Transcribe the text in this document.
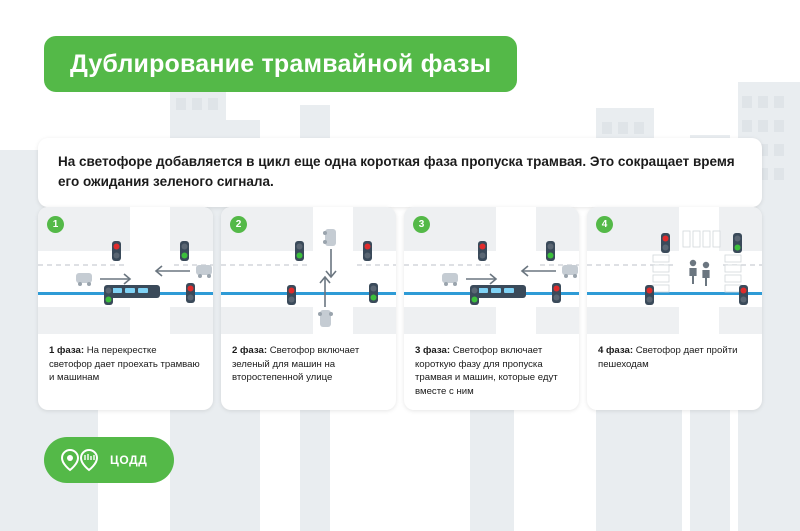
Дублирование трамвайной фазы
На светофоре добавляется в цикл еще одна короткая фаза пропуска трамвая. Это сокращает время его ожидания зеленого сигнала.
1
1 фаза: На перекрестке светофор дает проехать трамваю и машинам
2
2 фаза: Светофор включает зеленый для машин на второстепенной улице
3
3 фаза: Светофор включает короткую фазу для пропуска трамвая и машин, которые едут вместе с ним
4
4 фаза: Светофор дает пройти пешеходам
ЦОДД
